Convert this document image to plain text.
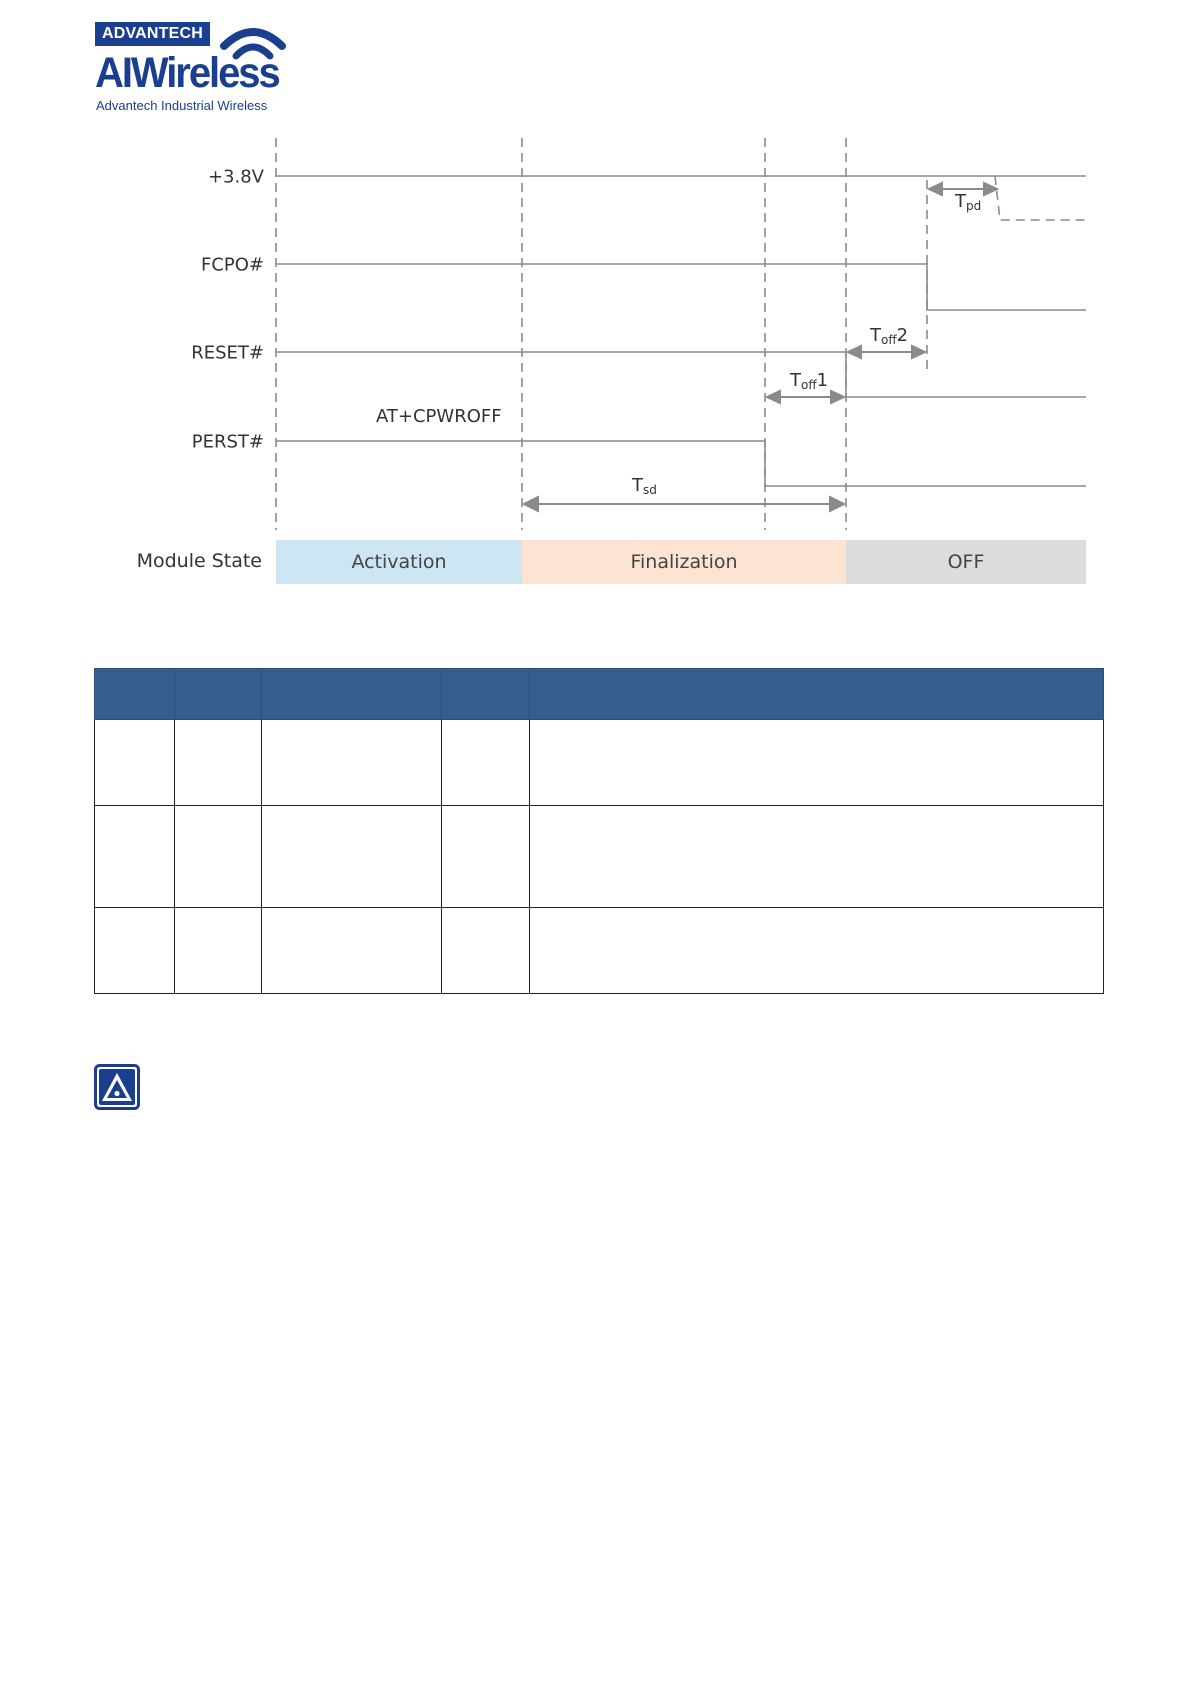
ADVANTECH
AIWireless
Advantech Industrial Wireless
+3.8V
FCPO#
RESET#
PERST#
AT+CPWROFF
$T_{pd}$
$T_{off}2$
$T_{off}1$
$T_{sd}$
Module State	Activation	Finalization	OFF
